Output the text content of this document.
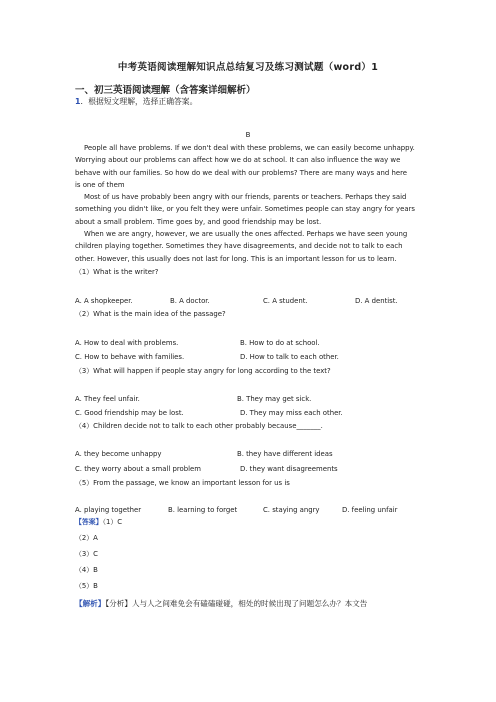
中考英语阅读理解知识点总结复习及练习测试题（word）1
一、初三英语阅读理解（含答案详细解析）
1．根据短文理解，选择正确答案。
B
People all have problems. If we don't deal with these problems, we can easily become unhappy.
Worrying about our problems can affect how we do at school. It can also influence the way we
behave with our families. So how do we deal with our problems? There are many ways and here
is one of them
Most of us have probably been angry with our friends, parents or teachers. Perhaps they said
something you didn't like, or you felt they were unfair. Sometimes people can stay angry for years
about a small problem. Time goes by, and good friendship may be lost.
When we are angry, however, we are usually the ones affected. Perhaps we have seen young
children playing together. Sometimes they have disagreements, and decide not to talk to each
other. However, this usually does not last for long. This is an important lesson for us to learn.
（1）What is the writer?
A. A shopkeeper.	B. A doctor.	C. A student.	D. A dentist.
（2）What is the main idea of the passage?
A. How to deal with problems.	B. How to do at school.
C. How to behave with families.	D. How to talk to each other.
（3）What will happen if people stay angry for long according to the text?
A. They feel unfair.	B. They may get sick.
C. Good friendship may be lost.	D. They may miss each other.
（4）Children decide not to talk to each other probably because_______.
A. they become unhappy	B. they have different ideas
C. they worry about a small problem	D. they want disagreements
（5）From the passage, we know an important lesson for us is
A. playing together	B. learning to forget	C. staying angry	D. feeling unfair
【答案】（1）C
（2）A
（3）C
（4）B
（5）B
【解析】【分析】人与人之间难免会有磕磕碰碰，相处的时候出现了问题怎么办？本文告
